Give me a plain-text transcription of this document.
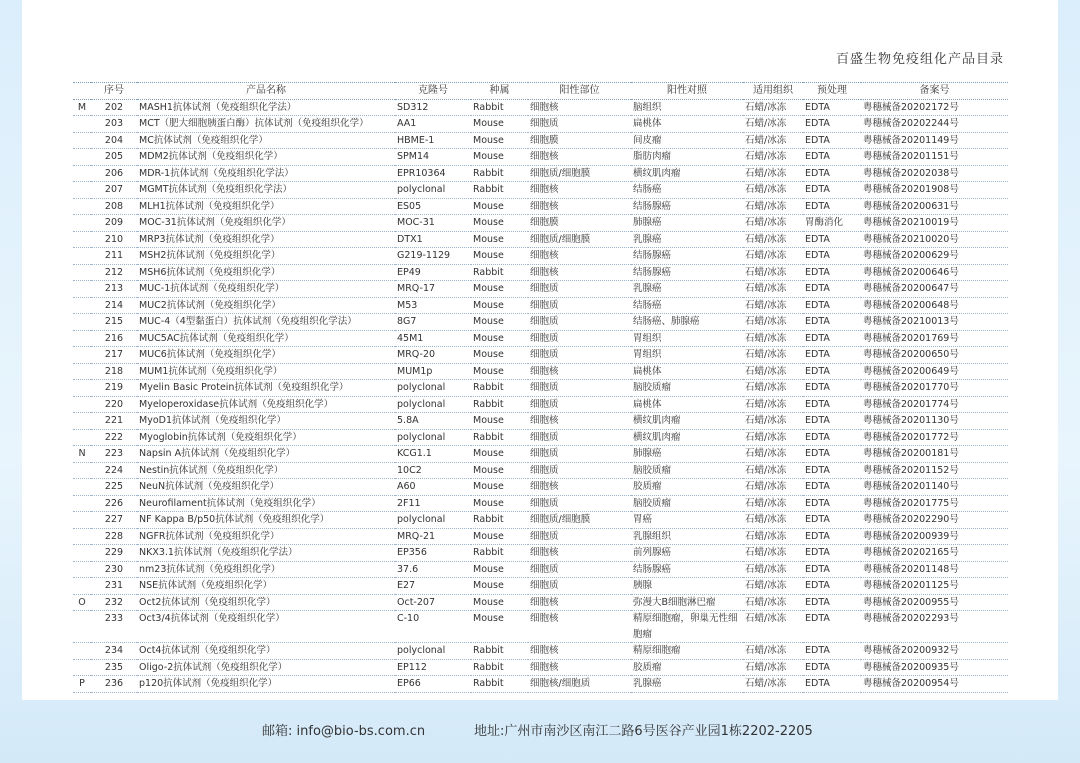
百盛生物免疫组化产品目录
	序号	产品名称	克隆号	种属	阳性部位	阳性对照	适用组织	预处理	备案号
M	202	MASH1抗体试剂（免疫组织化学法）	SD312	Rabbit	细胞核	脑组织	石蜡/冰冻	EDTA	粤穗械备20202172号
	203	MCT（肥大细胞胰蛋白酶）抗体试剂（免疫组织化学）	AA1	Mouse	细胞质	扁桃体	石蜡/冰冻	EDTA	粤穗械备20202244号
	204	MC抗体试剂（免疫组织化学）	HBME-1	Mouse	细胞膜	间皮瘤	石蜡/冰冻	EDTA	粤穗械备20201149号
	205	MDM2抗体试剂（免疫组织化学）	SPM14	Mouse	细胞核	脂肪肉瘤	石蜡/冰冻	EDTA	粤穗械备20201151号
	206	MDR-1抗体试剂（免疫组织化学法）	EPR10364	Rabbit	细胞质/细胞膜	横纹肌肉瘤	石蜡/冰冻	EDTA	粤穗械备20202038号
	207	MGMT抗体试剂（免疫组织化学法）	polyclonal	Rabbit	细胞核	结肠癌	石蜡/冰冻	EDTA	粤穗械备20201908号
	208	MLH1抗体试剂（免疫组织化学）	ES05	Mouse	细胞核	结肠腺癌	石蜡/冰冻	EDTA	粤穗械备20200631号
	209	MOC-31抗体试剂（免疫组织化学）	MOC-31	Mouse	细胞膜	肺腺癌	石蜡/冰冻	胃酶消化	粤穗械备20210019号
	210	MRP3抗体试剂（免疫组织化学）	DTX1	Mouse	细胞质/细胞膜	乳腺癌	石蜡/冰冻	EDTA	粤穗械备20210020号
	211	MSH2抗体试剂（免疫组织化学）	G219-1129	Mouse	细胞核	结肠腺癌	石蜡/冰冻	EDTA	粤穗械备20200629号
	212	MSH6抗体试剂（免疫组织化学）	EP49	Rabbit	细胞核	结肠腺癌	石蜡/冰冻	EDTA	粤穗械备20200646号
	213	MUC-1抗体试剂（免疫组织化学）	MRQ-17	Mouse	细胞质	乳腺癌	石蜡/冰冻	EDTA	粤穗械备20200647号
	214	MUC2抗体试剂（免疫组织化学）	M53	Mouse	细胞质	结肠癌	石蜡/冰冻	EDTA	粤穗械备20200648号
	215	MUC-4（4型黏蛋白）抗体试剂（免疫组织化学法）	8G7	Mouse	细胞质	结肠癌、肺腺癌	石蜡/冰冻	EDTA	粤穗械备20210013号
	216	MUC5AC抗体试剂（免疫组织化学）	45M1	Mouse	细胞质	胃组织	石蜡/冰冻	EDTA	粤穗械备20201769号
	217	MUC6抗体试剂（免疫组织化学）	MRQ-20	Mouse	细胞质	胃组织	石蜡/冰冻	EDTA	粤穗械备20200650号
	218	MUM1抗体试剂（免疫组织化学）	MUM1p	Mouse	细胞核	扁桃体	石蜡/冰冻	EDTA	粤穗械备20200649号
	219	Myelin Basic Protein抗体试剂（免疫组织化学）	polyclonal	Rabbit	细胞质	脑胶质瘤	石蜡/冰冻	EDTA	粤穗械备20201770号
	220	Myeloperoxidase抗体试剂（免疫组织化学）	polyclonal	Rabbit	细胞质	扁桃体	石蜡/冰冻	EDTA	粤穗械备20201774号
	221	MyoD1抗体试剂（免疫组织化学）	5.8A	Mouse	细胞核	横纹肌肉瘤	石蜡/冰冻	EDTA	粤穗械备20201130号
	222	Myoglobin抗体试剂（免疫组织化学）	polyclonal	Rabbit	细胞质	横纹肌肉瘤	石蜡/冰冻	EDTA	粤穗械备20201772号
N	223	Napsin A抗体试剂（免疫组织化学）	KCG1.1	Mouse	细胞质	肺腺癌	石蜡/冰冻	EDTA	粤穗械备20200181号
	224	Nestin抗体试剂（免疫组织化学）	10C2	Mouse	细胞质	脑胶质瘤	石蜡/冰冻	EDTA	粤穗械备20201152号
	225	NeuN抗体试剂（免疫组织化学）	A60	Mouse	细胞核	胶质瘤	石蜡/冰冻	EDTA	粤穗械备20201140号
	226	Neurofilament抗体试剂（免疫组织化学）	2F11	Mouse	细胞质	脑胶质瘤	石蜡/冰冻	EDTA	粤穗械备20201775号
	227	NF Kappa B/p50抗体试剂（免疫组织化学）	polyclonal	Rabbit	细胞质/细胞膜	胃癌	石蜡/冰冻	EDTA	粤穗械备20202290号
	228	NGFR抗体试剂（免疫组织化学）	MRQ-21	Mouse	细胞质	乳腺组织	石蜡/冰冻	EDTA	粤穗械备20200939号
	229	NKX3.1抗体试剂（免疫组织化学法）	EP356	Rabbit	细胞核	前列腺癌	石蜡/冰冻	EDTA	粤穗械备20202165号
	230	nm23抗体试剂（免疫组织化学）	37.6	Mouse	细胞质	结肠腺癌	石蜡/冰冻	EDTA	粤穗械备20201148号
	231	NSE抗体试剂（免疫组织化学）	E27	Mouse	细胞质	胰腺	石蜡/冰冻	EDTA	粤穗械备20201125号
O	232	Oct2抗体试剂（免疫组织化学）	Oct-207	Mouse	细胞核	弥漫大B细胞淋巴瘤	石蜡/冰冻	EDTA	粤穗械备20200955号
	233	Oct3/4抗体试剂（免疫组织化学）	C-10	Mouse	细胞核	精原细胞瘤，卵巢无性细胞瘤	石蜡/冰冻	EDTA	粤穗械备20202293号
	234	Oct4抗体试剂（免疫组织化学）	polyclonal	Rabbit	细胞核	精原细胞瘤	石蜡/冰冻	EDTA	粤穗械备20200932号
	235	Oligo-2抗体试剂（免疫组织化学）	EP112	Rabbit	细胞核	胶质瘤	石蜡/冰冻	EDTA	粤穗械备20200935号
P	236	p120抗体试剂（免疫组织化学）	EP66	Rabbit	细胞核/细胞质	乳腺癌	石蜡/冰冻	EDTA	粤穗械备20200954号
邮箱: info@bio-bs.com.cn	地址:广州市南沙区南江二路6号医谷产业园1栋2202-2205
